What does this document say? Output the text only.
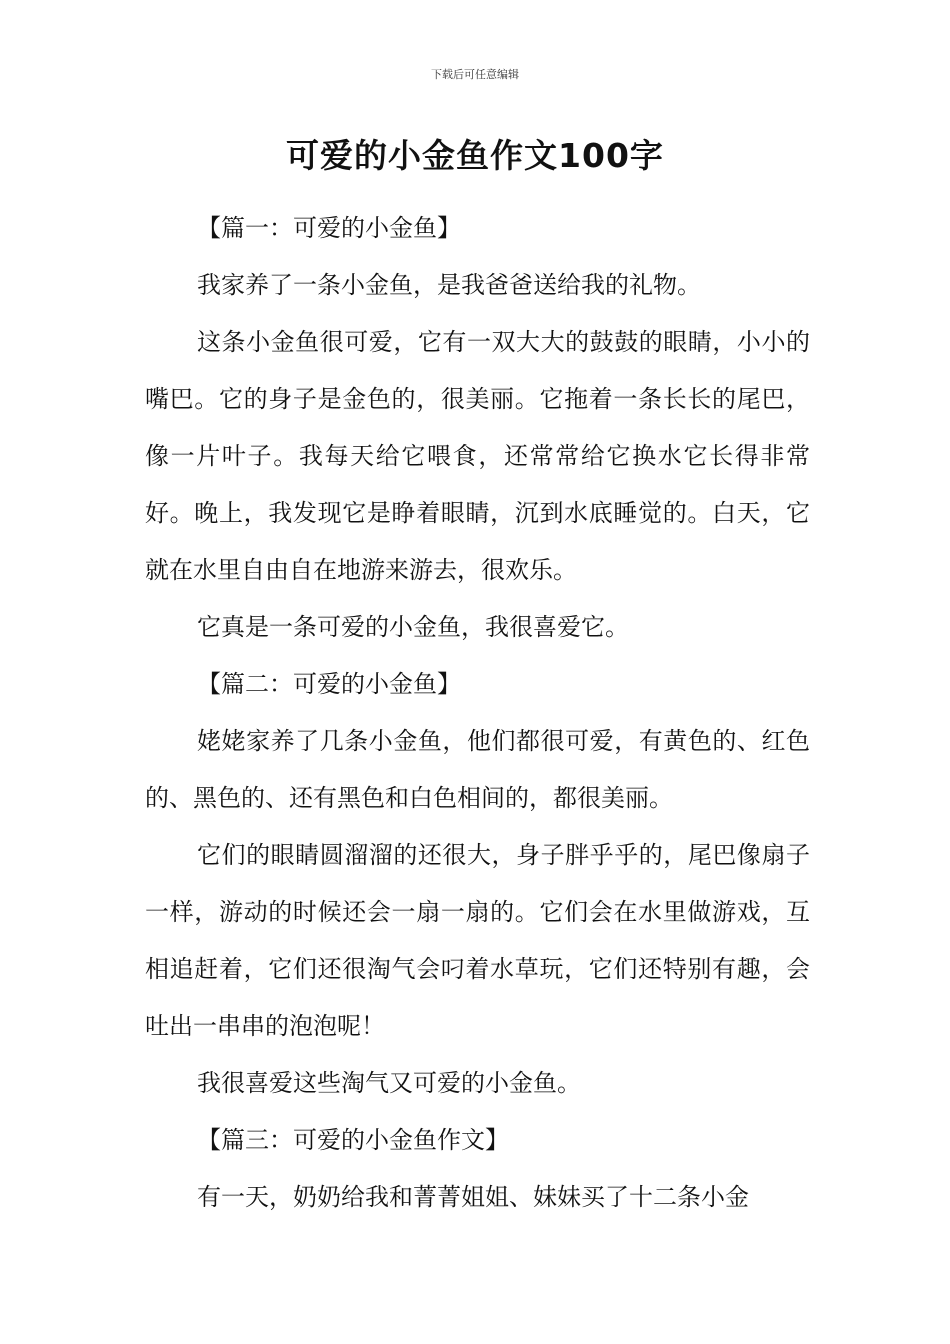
下载后可任意编辑
可爱的小金鱼作文100字

【篇一：可爱的小金鱼】

我家养了一条小金鱼，是我爸爸送给我的礼物。

这条小金鱼很可爱，它有一双大大的鼓鼓的眼睛，小小的嘴巴。它的身子是金色的，很美丽。它拖着一条长长的尾巴，像一片叶子。我每天给它喂食，还常常给它换水它长得非常好。晚上，我发现它是睁着眼睛，沉到水底睡觉的。白天，它就在水里自由自在地游来游去，很欢乐。

它真是一条可爱的小金鱼，我很喜爱它。

【篇二：可爱的小金鱼】

姥姥家养了几条小金鱼，他们都很可爱，有黄色的、红色的、黑色的、还有黑色和白色相间的，都很美丽。

它们的眼睛圆溜溜的还很大，身子胖乎乎的，尾巴像扇子一样，游动的时候还会一扇一扇的。它们会在水里做游戏，互相追赶着，它们还很淘气会叼着水草玩，它们还特别有趣，会吐出一串串的泡泡呢！

我很喜爱这些淘气又可爱的小金鱼。

【篇三：可爱的小金鱼作文】

有一天，奶奶给我和菁菁姐姐、妹妹买了十二条小金
